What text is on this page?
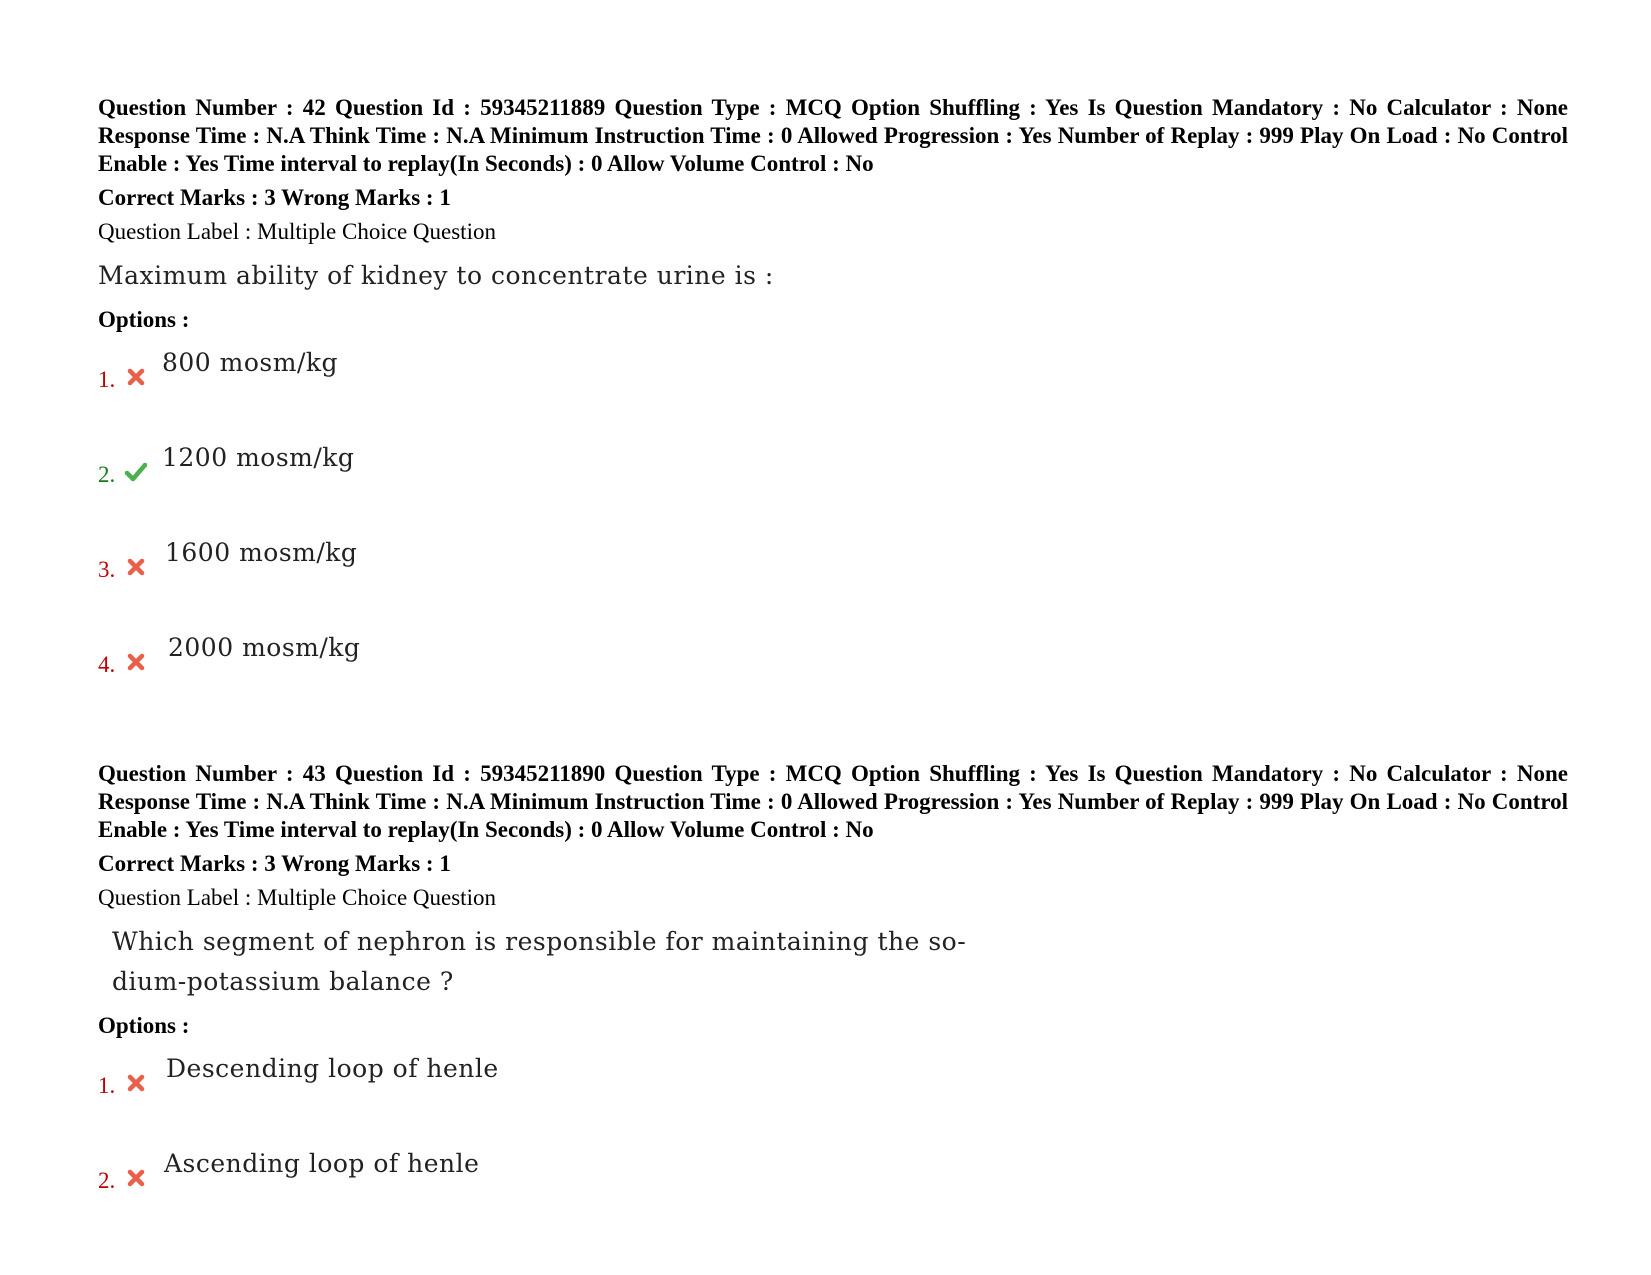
Question Number : 42 Question Id : 59345211889 Question Type : MCQ Option Shuffling : Yes Is Question Mandatory : No Calculator : None Response Time : N.A Think Time : N.A Minimum Instruction Time : 0 Allowed Progression : Yes Number of Replay : 999 Play On Load : No Control Enable : Yes Time interval to replay(In Seconds) : 0 Allow Volume Control : No

Correct Marks : 3 Wrong Marks : 1

Question Label : Multiple Choice Question

Maximum ability of kidney to concentrate urine is :

Options :

1.
800 mosm/kg
2.
1200 mosm/kg
3.
1600 mosm/kg
4.
2000 mosm/kg

Question Number : 43 Question Id : 59345211890 Question Type : MCQ Option Shuffling : Yes Is Question Mandatory : No Calculator : None Response Time : N.A Think Time : N.A Minimum Instruction Time : 0 Allowed Progression : Yes Number of Replay : 999 Play On Load : No Control Enable : Yes Time interval to replay(In Seconds) : 0 Allow Volume Control : No

Correct Marks : 3 Wrong Marks : 1

Question Label : Multiple Choice Question

Which segment of nephron is responsible for maintaining the so-
dium-potassium balance ?

Options :

1.
Descending loop of henle
2.
Ascending loop of henle
